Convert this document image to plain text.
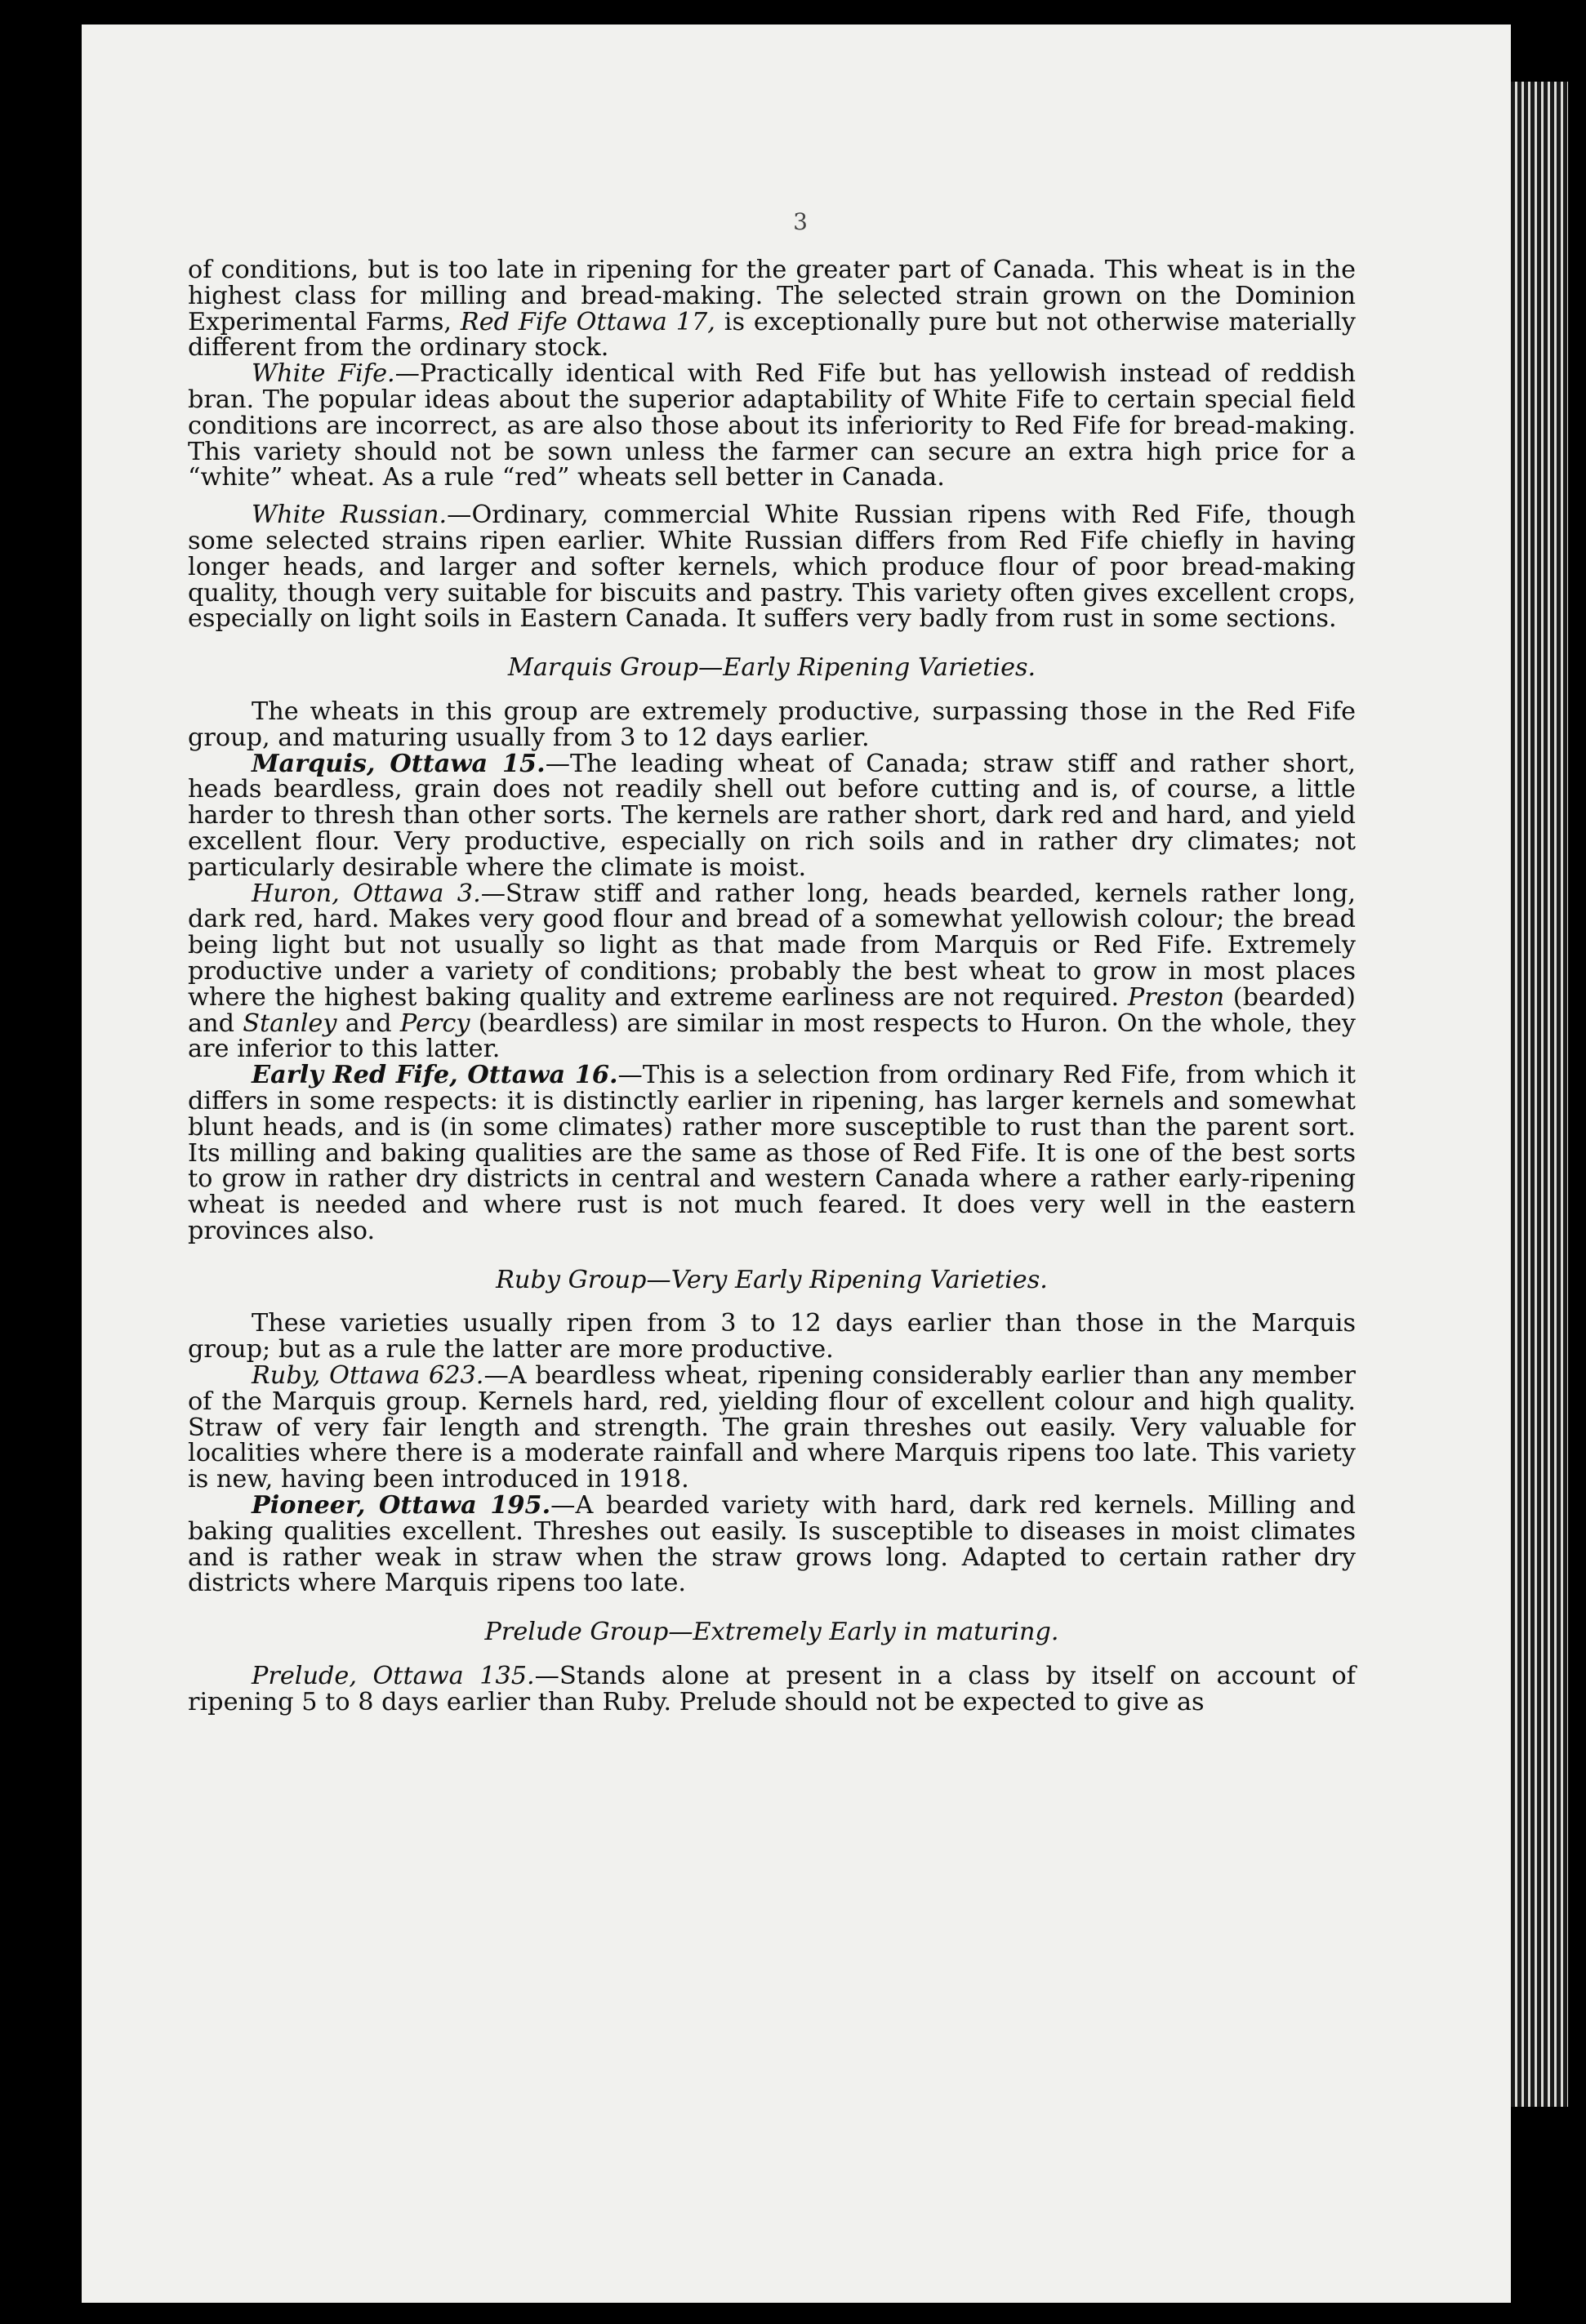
3

of conditions, but is too late in ripening for the greater part of Canada. This wheat is in the highest class for milling and bread-making. The selected strain grown on the Dominion Experimental Farms, Red Fife Ottawa 17, is exceptionally pure but not otherwise materially different from the ordinary stock.

White Fife.—Practically identical with Red Fife but has yellowish instead of reddish bran. The popular ideas about the superior adaptability of White Fife to certain special field conditions are incorrect, as are also those about its inferiority to Red Fife for bread-making. This variety should not be sown unless the farmer can secure an extra high price for a “white” wheat. As a rule “red” wheats sell better in Canada.

White Russian.—Ordinary, commercial White Russian ripens with Red Fife, though some selected strains ripen earlier. White Russian differs from Red Fife chiefly in having longer heads, and larger and softer kernels, which produce flour of poor bread-making quality, though very suitable for biscuits and pastry. This variety often gives excellent crops, especially on light soils in Eastern Canada. It suffers very badly from rust in some sections.

Marquis Group—Early Ripening Varieties.

The wheats in this group are extremely productive, surpassing those in the Red Fife group, and maturing usually from 3 to 12 days earlier.

Marquis, Ottawa 15.—The leading wheat of Canada; straw stiff and rather short, heads beardless, grain does not readily shell out before cutting and is, of course, a little harder to thresh than other sorts. The kernels are rather short, dark red and hard, and yield excellent flour. Very productive, especially on rich soils and in rather dry climates; not particularly desirable where the climate is moist.

Huron, Ottawa 3.—Straw stiff and rather long, heads bearded, kernels rather long, dark red, hard. Makes very good flour and bread of a somewhat yellowish colour; the bread being light but not usually so light as that made from Marquis or Red Fife. Extremely productive under a variety of conditions; probably the best wheat to grow in most places where the highest baking quality and extreme earliness are not required. Preston (bearded) and Stanley and Percy (beardless) are similar in most respects to Huron. On the whole, they are inferior to this latter.

Early Red Fife, Ottawa 16.—This is a selection from ordinary Red Fife, from which it differs in some respects: it is distinctly earlier in ripening, has larger kernels and somewhat blunt heads, and is (in some climates) rather more susceptible to rust than the parent sort. Its milling and baking qualities are the same as those of Red Fife. It is one of the best sorts to grow in rather dry districts in central and western Canada where a rather early-ripening wheat is needed and where rust is not much feared. It does very well in the eastern provinces also.

Ruby Group—Very Early Ripening Varieties.

These varieties usually ripen from 3 to 12 days earlier than those in the Marquis group; but as a rule the latter are more productive.

Ruby, Ottawa 623.—A beardless wheat, ripening considerably earlier than any member of the Marquis group. Kernels hard, red, yielding flour of excellent colour and high quality. Straw of very fair length and strength. The grain threshes out easily. Very valuable for localities where there is a moderate rainfall and where Marquis ripens too late. This variety is new, having been introduced in 1918.

Pioneer, Ottawa 195.—A bearded variety with hard, dark red kernels. Milling and baking qualities excellent. Threshes out easily. Is susceptible to diseases in moist climates and is rather weak in straw when the straw grows long. Adapted to certain rather dry districts where Marquis ripens too late.

Prelude Group—Extremely Early in maturing.

Prelude, Ottawa 135.—Stands alone at present in a class by itself on account of ripening 5 to 8 days earlier than Ruby. Prelude should not be expected to give as
